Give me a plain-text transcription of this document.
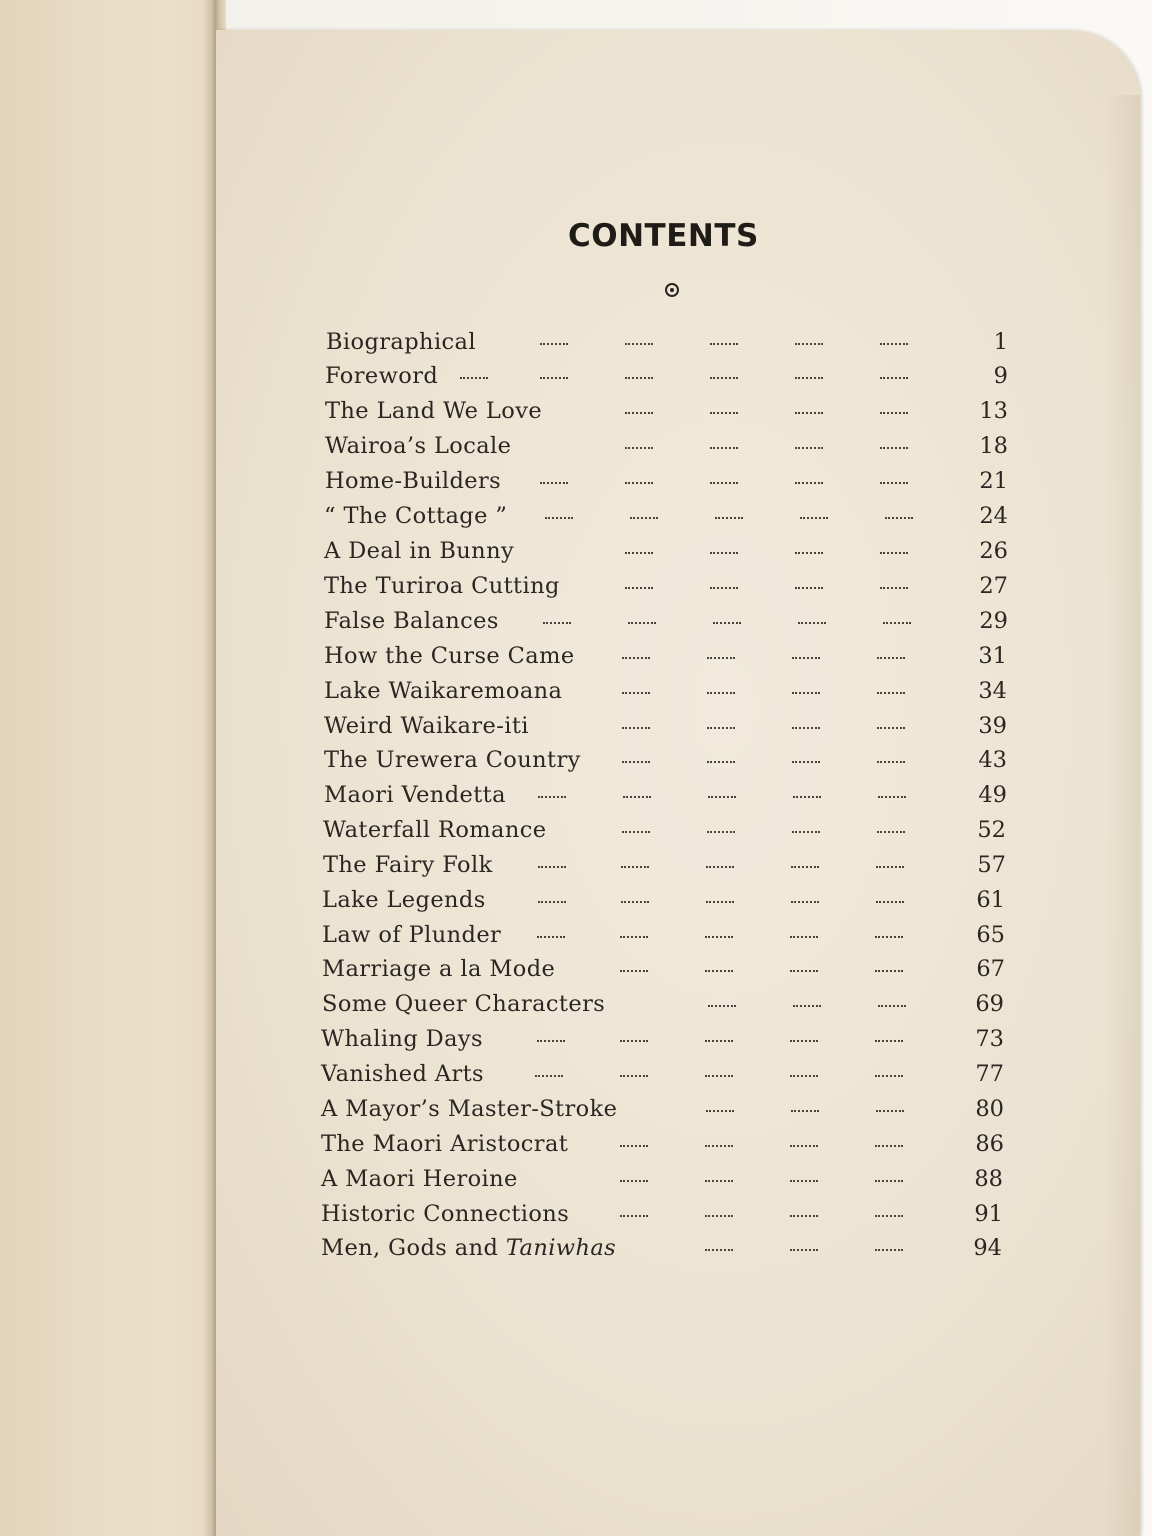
CONTENTS
Biographical	1
Foreword	9
The Land We Love	13
Wairoa’s Locale	18
Home-Builders	21
“ The Cottage ”	24
A Deal in Bunny	26
The Turiroa Cutting	27
False Balances	29
How the Curse Came	31
Lake Waikaremoana	34
Weird Waikare-iti	39
The Urewera Country	43
Maori Vendetta	49
Waterfall Romance	52
The Fairy Folk	57
Lake Legends	61
Law of Plunder	65
Marriage a la Mode	67
Some Queer Characters	69
Whaling Days	73
Vanished Arts	77
A Mayor’s Master-Stroke	80
The Maori Aristocrat	86
A Maori Heroine	88
Historic Connections	91
Men, Gods and Taniwhas	94
